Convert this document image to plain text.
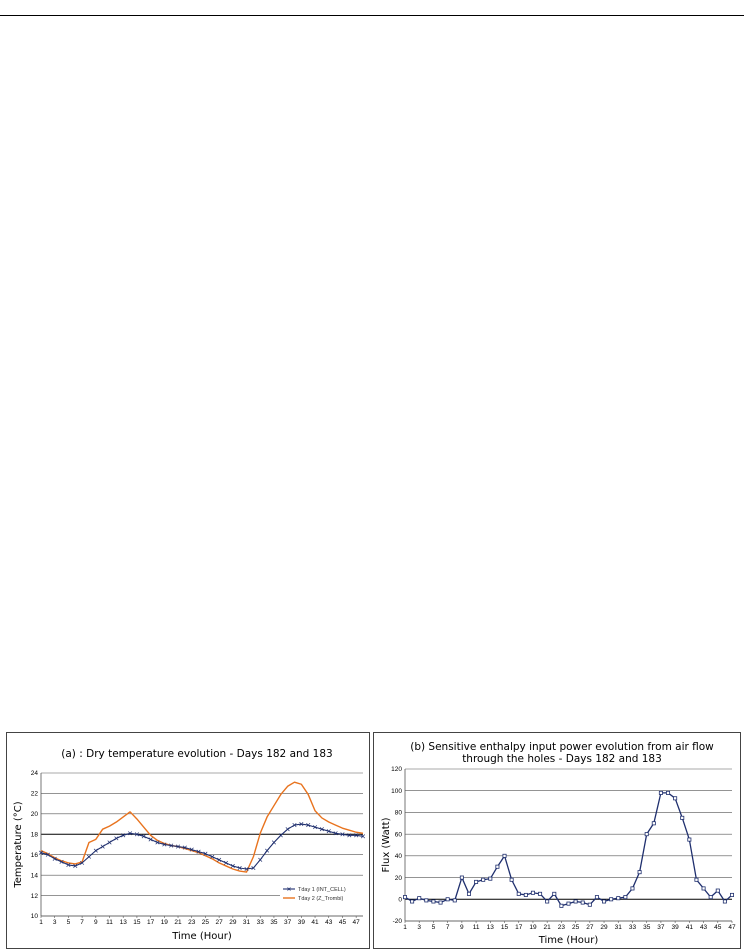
(a) : Dry temperature evolution - Days 182 and 183
10
12
14
16
18
20
22
24
1 3 5 7 9 11 13 15 17 19 21 23 25 27 29 31 33 35 37 39 41 43 45 47
Time (Hour)
Temperature (°C)
Tday 1 (INT_CELL)
Tday 2 (Z_Trombi)
(b) Sensitive enthalpy input power evolution from air flow
through the holes - Days 182 and 183
-20
0
20
40
60
80
100
120
1 3 5 7 9 11 13 15 17 19 21 23 25 27 29 31 33 35 37 39 41 43 45 47
Time (Hour)
Flux (Watt)
